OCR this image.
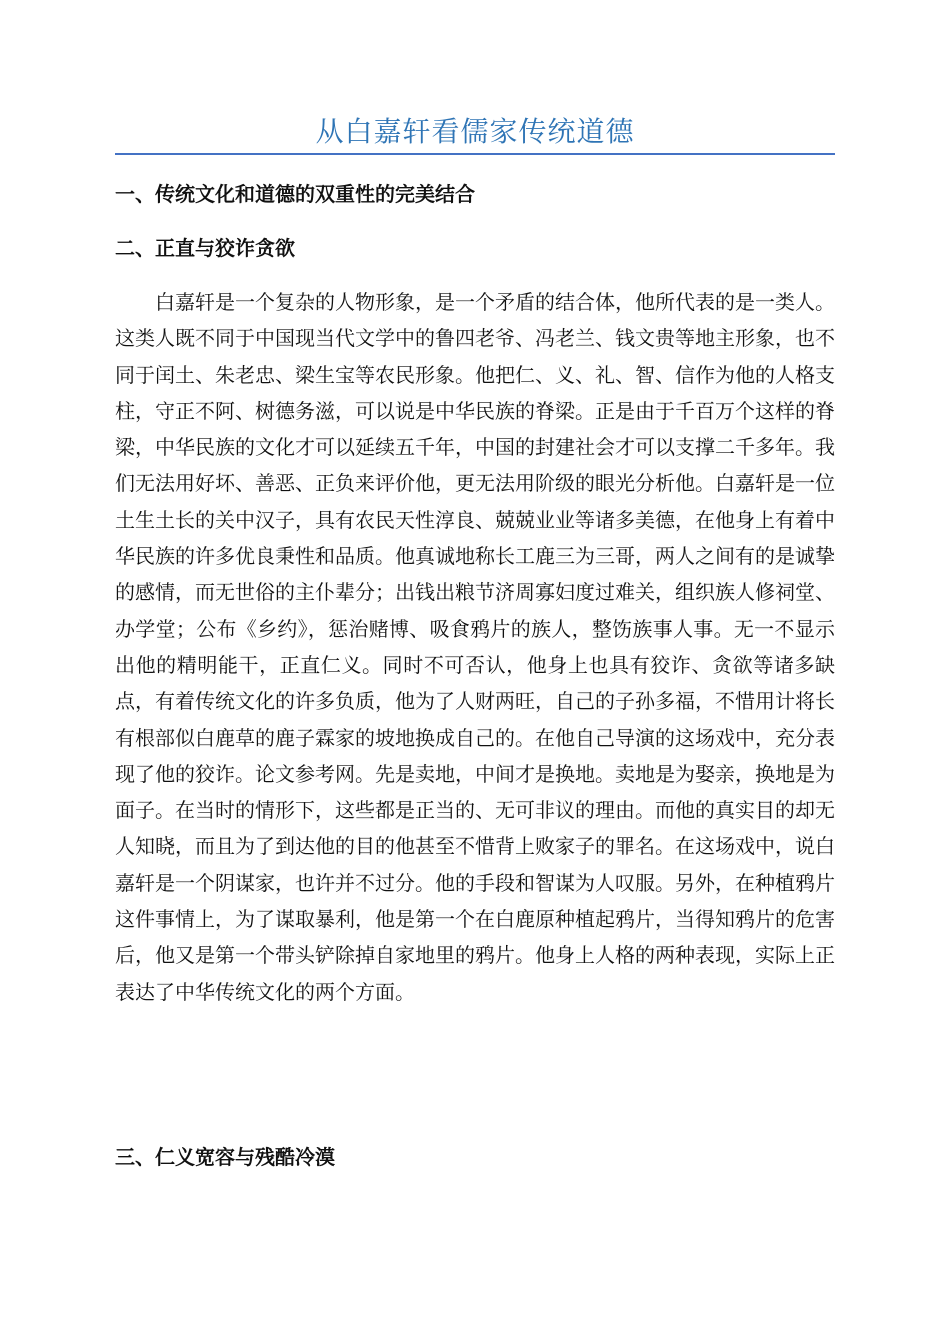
从白嘉轩看儒家传统道德
一、传统文化和道德的双重性的完美结合
二、正直与狡诈贪欲

白嘉轩是一个复杂的人物形象，是一个矛盾的结合体，他所代表的是一类人。这类人既不同于中国现当代文学中的鲁四老爷、冯老兰、钱文贵等地主形象，也不同于闰土、朱老忠、梁生宝等农民形象。他把仁、义、礼、智、信作为他的人格支柱，守正不阿、树德务滋，可以说是中华民族的脊梁。正是由于千百万个这样的脊梁，中华民族的文化才可以延续五千年，中国的封建社会才可以支撑二千多年。我们无法用好坏、善恶、正负来评价他，更无法用阶级的眼光分析他。白嘉轩是一位土生土长的关中汉子，具有农民天性淳良、兢兢业业等诸多美德，在他身上有着中华民族的许多优良秉性和品质。他真诚地称长工鹿三为三哥，两人之间有的是诚挚的感情，而无世俗的主仆辈分；出钱出粮节济周寡妇度过难关，组织族人修祠堂、办学堂；公布《乡约》，惩治赌博、吸食鸦片的族人，整饬族事人事。无一不显示出他的精明能干，正直仁义。同时不可否认，他身上也具有狡诈、贪欲等诸多缺点，有着传统文化的许多负质，他为了人财两旺，自己的子孙多福，不惜用计将长有根部似白鹿草的鹿子霖家的坡地换成自己的。在他自己导演的这场戏中，充分表现了他的狡诈。论文参考网。先是卖地，中间才是换地。卖地是为娶亲，换地是为面子。在当时的情形下，这些都是正当的、无可非议的理由。而他的真实目的却无人知晓，而且为了到达他的目的他甚至不惜背上败家子的罪名。在这场戏中，说白嘉轩是一个阴谋家，也许并不过分。他的手段和智谋为人叹服。另外，在种植鸦片这件事情上，为了谋取暴利，他是第一个在白鹿原种植起鸦片，当得知鸦片的危害后，他又是第一个带头铲除掉自家地里的鸦片。他身上人格的两种表现，实际上正表达了中华传统文化的两个方面。

三、仁义宽容与残酷冷漠
